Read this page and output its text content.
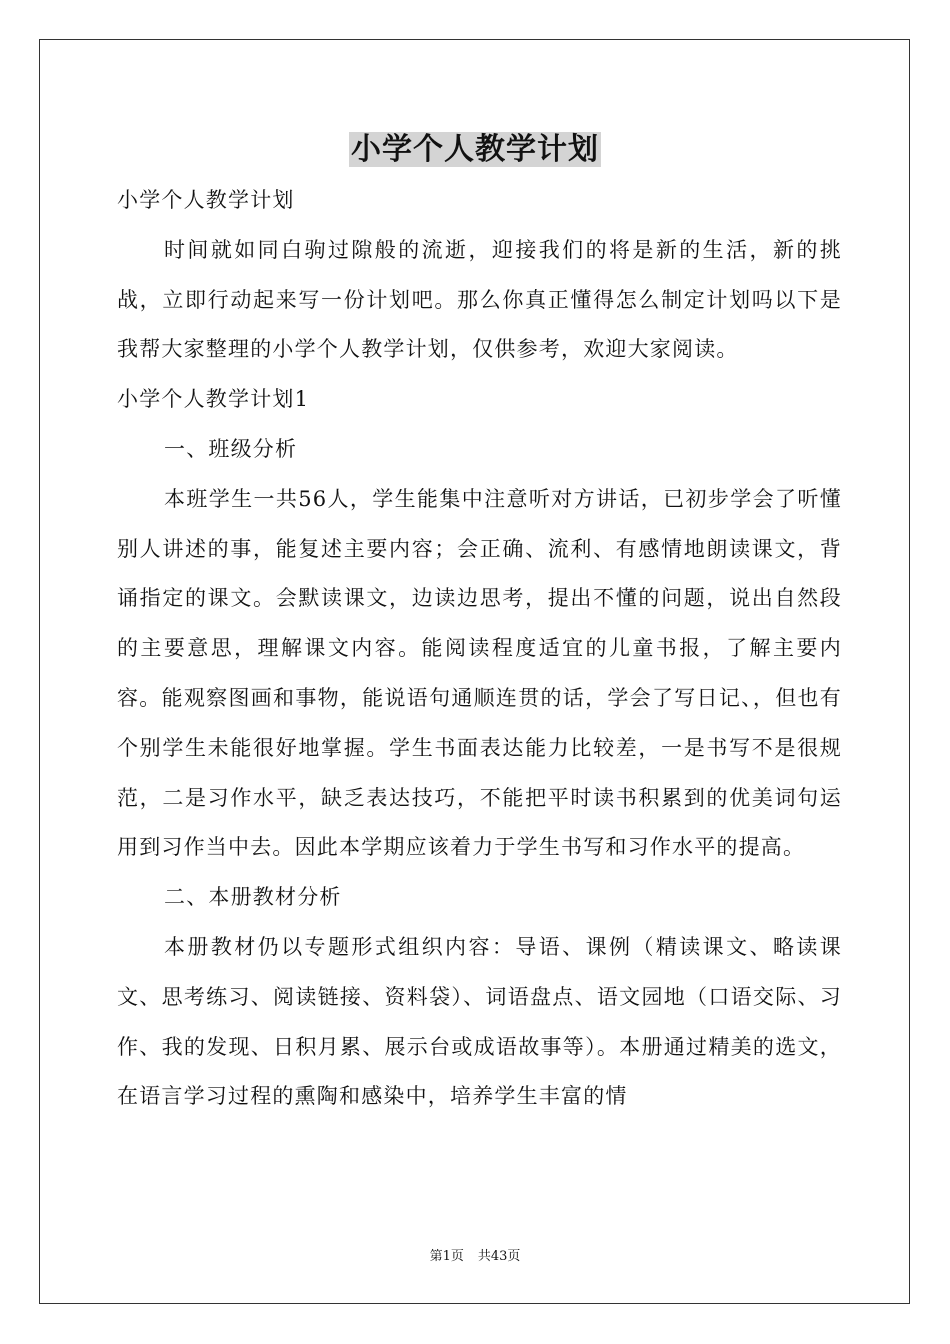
小学个人教学计划

小学个人教学计划

时间就如同白驹过隙般的流逝，迎接我们的将是新的生活，新的挑战，立即行动起来写一份计划吧。那么你真正懂得怎么制定计划吗以下是我帮大家整理的小学个人教学计划，仅供参考，欢迎大家阅读。

小学个人教学计划1

一、班级分析

本班学生一共56人，学生能集中注意听对方讲话，已初步学会了听懂别人讲述的事，能复述主要内容；会正确、流利、有感情地朗读课文，背诵指定的课文。会默读课文，边读边思考，提出不懂的问题，说出自然段的主要意思，理解课文内容。能阅读程度适宜的儿童书报，了解主要内容。能观察图画和事物，能说语句通顺连贯的话，学会了写日记、，但也有个别学生未能很好地掌握。学生书面表达能力比较差，一是书写不是很规范，二是习作水平，缺乏表达技巧，不能把平时读书积累到的优美词句运用到习作当中去。因此本学期应该着力于学生书写和习作水平的提高。

二、本册教材分析

本册教材仍以专题形式组织内容：导语、课例（精读课文、略读课文、思考练习、阅读链接、资料袋）、词语盘点、语文园地（口语交际、习作、我的发现、日积月累、展示台或成语故事等）。本册通过精美的选文，在语言学习过程的熏陶和感染中，培养学生丰富的情

第1页 共43页
